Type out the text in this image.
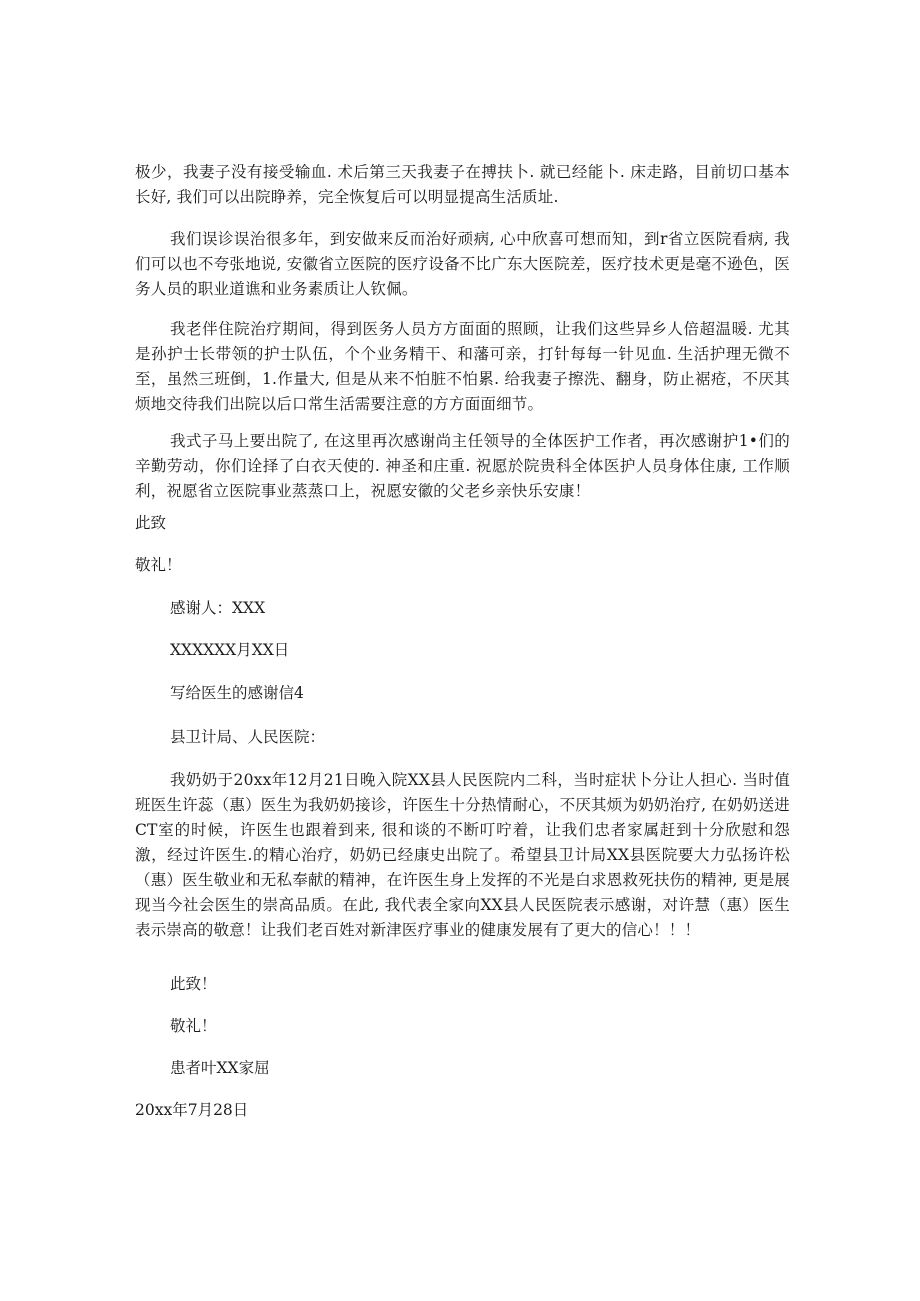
极少，我妻子没有接受输血. 术后第三天我妻子在搏扶卜. 就已经能卜. 床走路，目前切口基本长好, 我们可以出院睁养，完全恢复后可以明显提高生活质址.

我们误诊误治很多年，到安做来反而治好顽病, 心中欣喜可想而知，到r省立医院看病, 我们可以也不夸张地说, 安徽省立医院的医疗设备不比广东大医院差，医疗技术更是毫不逊色，医务人员的职业道谯和业务素质让人钦佩。

我老伴住院治疗期间，得到医务人员方方面面的照顾，让我们这些异乡人倍超温暖. 尤其是孙护士长带领的护士队伍，个个业务精干、和藩可亲，打针每每一针见血. 生活护理无微不至，虽然三班倒，1.作量大, 但是从来不怕脏不怕累. 给我妻子擦洗、翻身，防止裾疮，不厌其烦地交待我们出院以后口常生活需要注意的方方面面细节。

我式子马上要出院了, 在这里再次感谢尚主任领导的全体医护工作者，再次感谢护1•们的辛勤劳动，你们诠择了白衣天使的. 神圣和庄重. 祝愿於院贵科全体医护人员身体住康, 工作顺利，祝愿省立医院事业蒸蒸口上，祝愿安徽的父老乡亲快乐安康！

此致

敬礼！

感谢人：XXX

XXXXXX月XX日

写给医生的感谢信4

县卫计局、人民医院：

我奶奶于20xx年12月21日晚入院XX县人民医院内二科，当时症状卜分让人担心. 当时值班医生许蕊（惠）医生为我奶奶接诊，许医生十分热情耐心，不厌其烦为奶奶治疗, 在奶奶送进CT室的时候，许医生也跟着到来, 很和谈的不断叮咛着，让我们忠者家属赶到十分欣慰和怨激，经过许医生.的精心治疗，奶奶已经康史出院了。希望县卫计局XX县医院要大力弘扬许松（惠）医生敬业和无私奉献的精神，在许医生身上发挥的不光是白求恩救死扶伤的精神, 更是展现当今社会医生的崇高品质。在此, 我代表全家向XX县人民医院表示感谢，对许慧（惠）医生表示崇高的敬意！让我们老百姓对新津医疗事业的健康发展有了更大的信心！！！

此致！

敬礼！

患者叶XX家屈

20xx年7月28日
